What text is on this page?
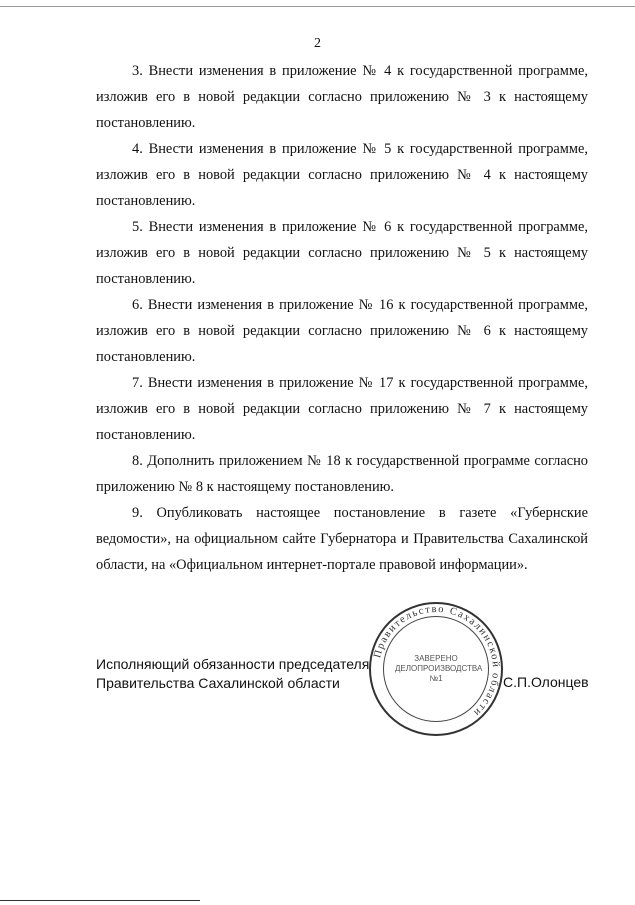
2

3. Внести изменения в приложение № 4 к государственной программе, изложив его в новой редакции согласно приложению № 3 к настоящему постановлению.

4. Внести изменения в приложение № 5 к государственной программе, изложив его в новой редакции согласно приложению № 4 к настоящему постановлению.

5. Внести изменения в приложение № 6 к государственной программе, изложив его в новой редакции согласно приложению № 5 к настоящему постановлению.

6. Внести изменения в приложение № 16 к государственной программе, изложив его в новой редакции согласно приложению № 6 к настоящему постановлению.

7. Внести изменения в приложение № 17 к государственной программе, изложив его в новой редакции согласно приложению № 7 к настоящему постановлению.

8. Дополнить приложением № 18 к государственной программе согласно приложению № 8 к настоящему постановлению.

9. Опубликовать настоящее постановление в газете «Губернские ведомости», на официальном сайте Губернатора и Правительства Сахалинской области, на «Официальном интернет-портале правовой информации».

Исполняющий обязанности председателя
Правительства Сахалинской области
Правительство Сахалинской области
ЗАВЕРЕНО
ДЕЛОПРОИЗВОДСТВА
№1	С.П.Олонцев
